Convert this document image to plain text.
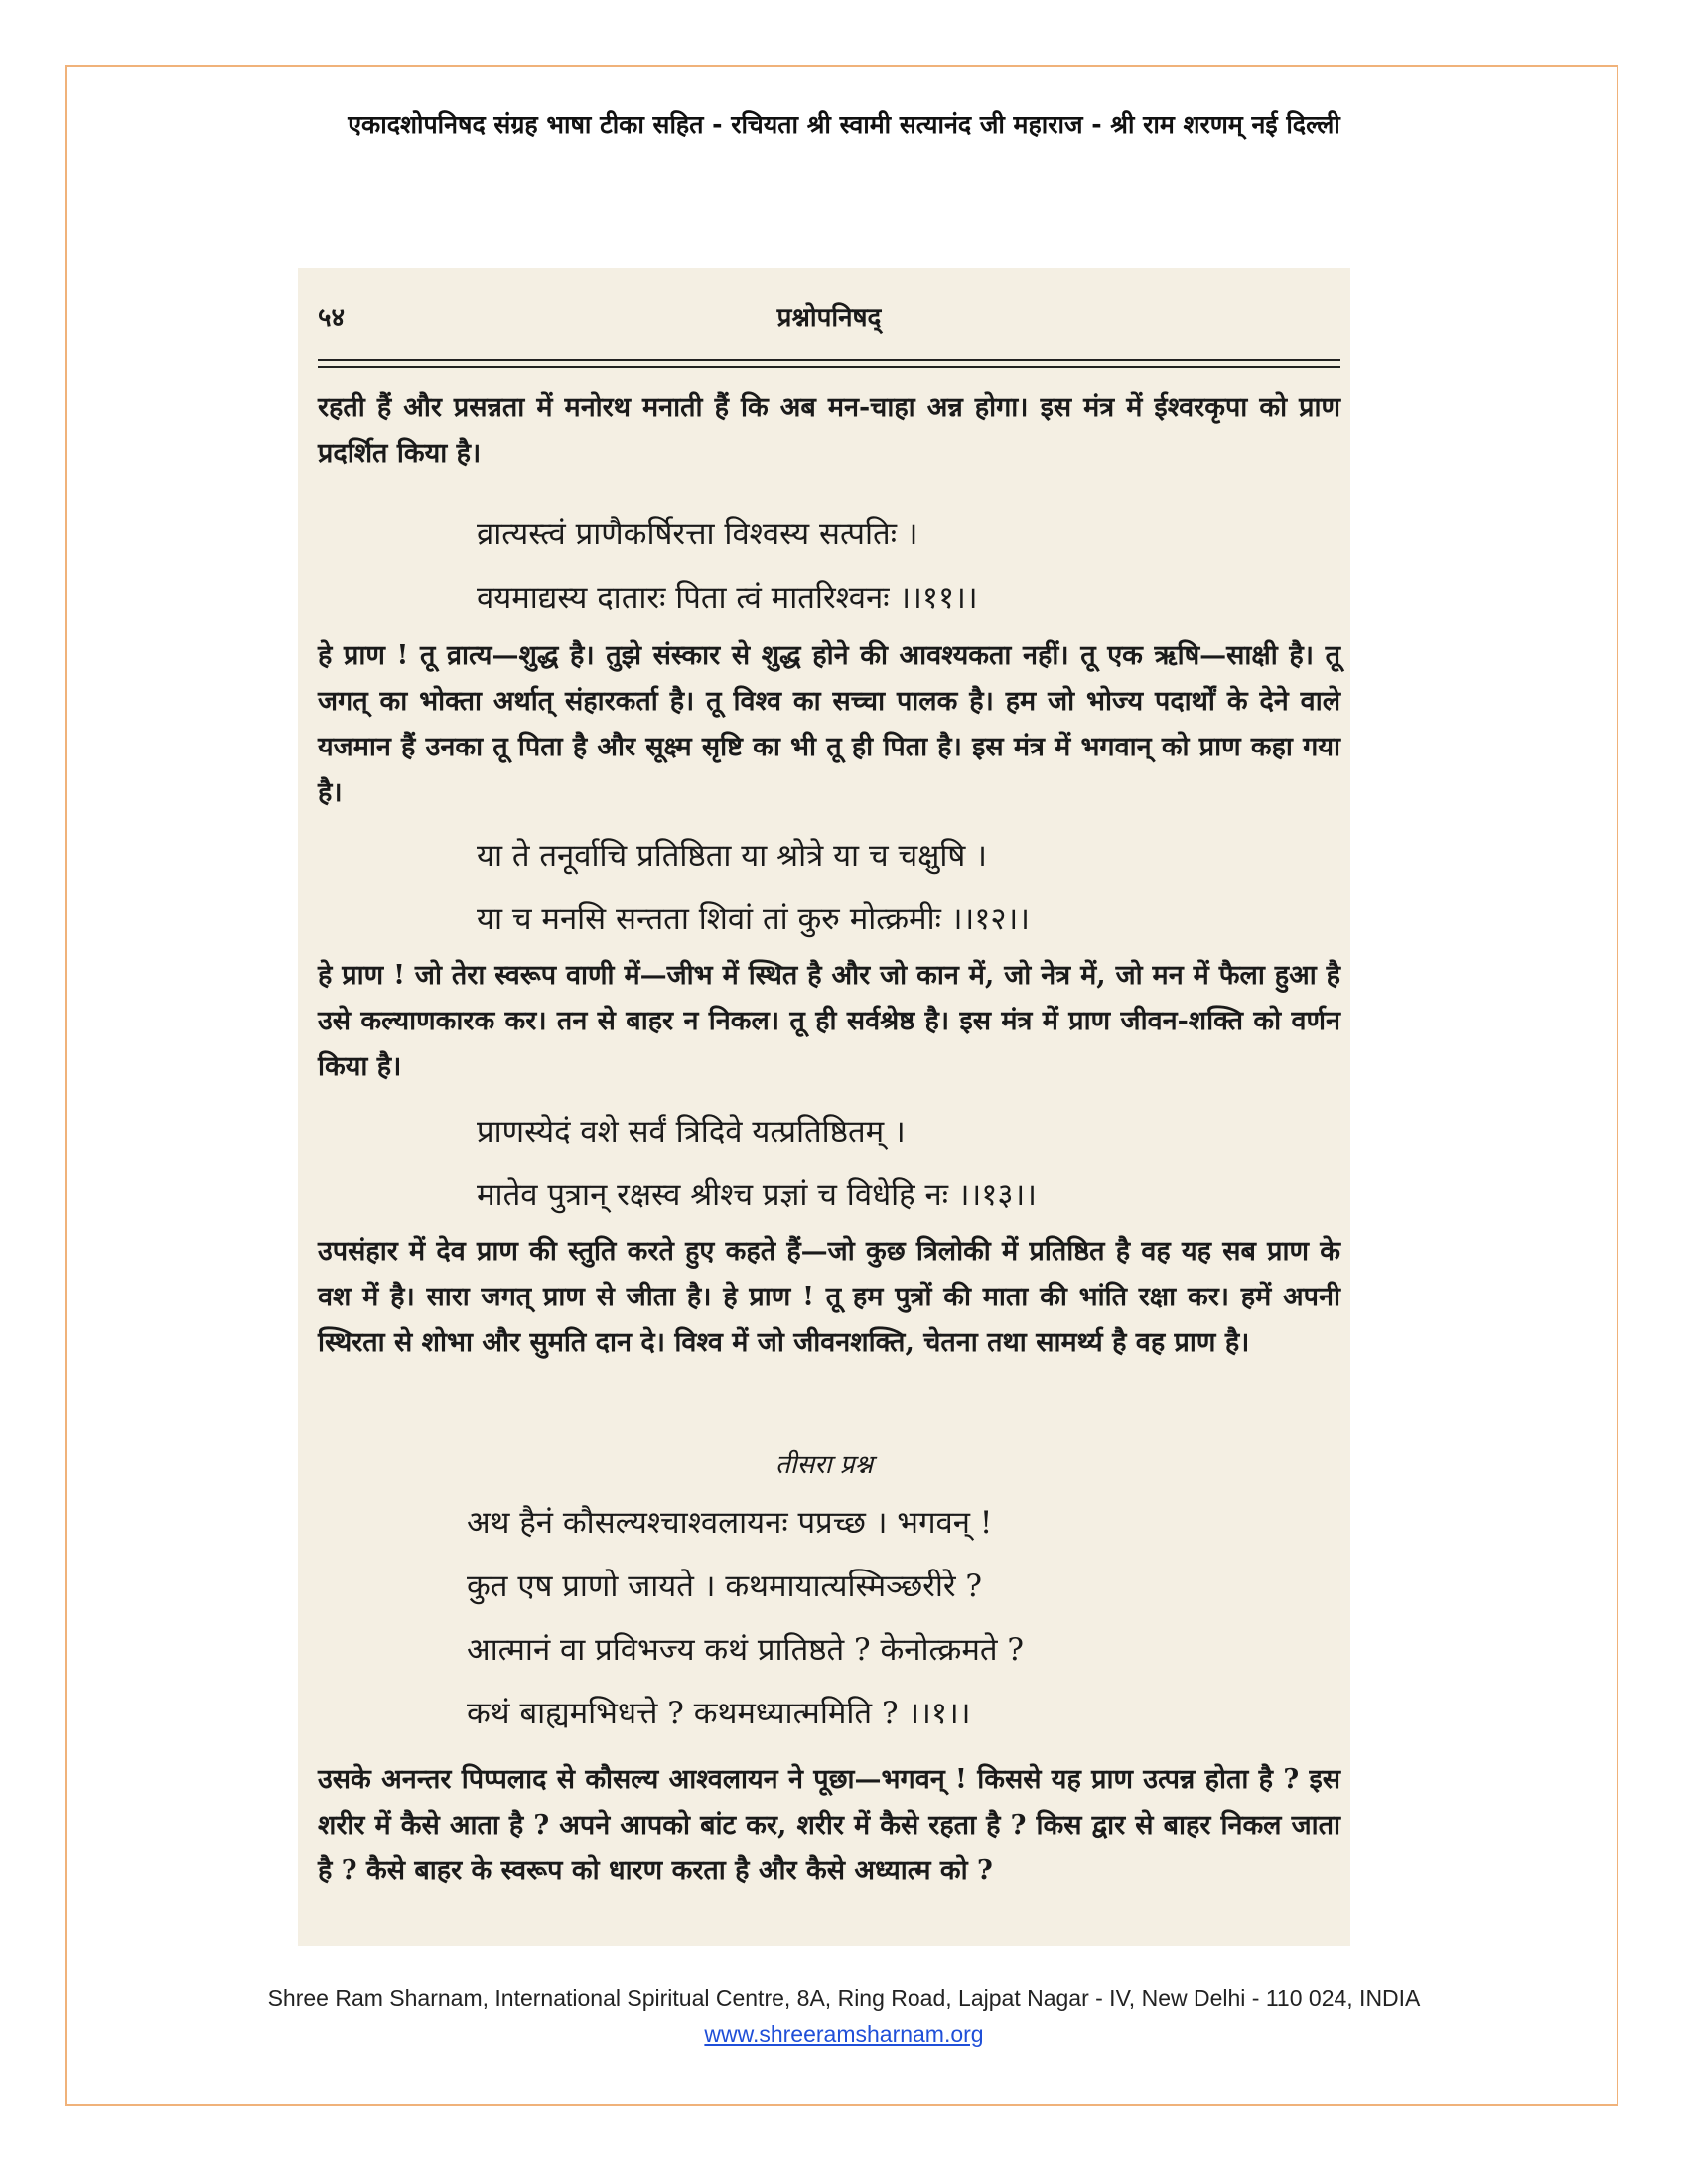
एकादशोपनिषद संग्रह भाषा टीका सहित - रचियता श्री स्वामी सत्यानंद जी महाराज - श्री राम शरणम् नई दिल्ली
५४	प्रश्नोपनिषद्
रहती हैं और प्रसन्नता में मनोरथ मनाती हैं कि अब मन-चाहा अन्न होगा। इस मंत्र में ईश्वरकृपा को प्राण प्रदर्शित किया है।
व्रात्यस्त्वं प्राणैकर्षिरत्ता विश्वस्य सत्पतिः ।
वयमाद्यस्य दातारः पिता त्वं मातरिश्वनः ।।११।।
हे प्राण ! तू व्रात्य—शुद्ध है। तुझे संस्कार से शुद्ध होने की आवश्यकता नहीं। तू एक ऋषि—साक्षी है। तू जगत् का भोक्ता अर्थात् संहारकर्ता है। तू विश्व का सच्चा पालक है। हम जो भोज्य पदार्थों के देने वाले यजमान हैं उनका तू पिता है और सूक्ष्म सृष्टि का भी तू ही पिता है। इस मंत्र में भगवान् को प्राण कहा गया है।
या ते तनूर्वाचि प्रतिष्ठिता या श्रोत्रे या च चक्षुषि ।
या च मनसि सन्तता शिवां तां कुरु मोत्क्रमीः ।।१२।।
हे प्राण ! जो तेरा स्वरूप वाणी में—जीभ में स्थित है और जो कान में, जो नेत्र में, जो मन में फैला हुआ है उसे कल्याणकारक कर। तन से बाहर न निकल। तू ही सर्वश्रेष्ठ है। इस मंत्र में प्राण जीवन-शक्ति को वर्णन किया है।
प्राणस्येदं वशे सर्वं त्रिदिवे यत्प्रतिष्ठितम् ।
मातेव पुत्रान् रक्षस्व श्रीश्च प्रज्ञां च विधेहि नः ।।१३।।
उपसंहार में देव प्राण की स्तुति करते हुए कहते हैं—जो कुछ त्रिलोकी में प्रतिष्ठित है वह यह सब प्राण के वश में है। सारा जगत् प्राण से जीता है। हे प्राण ! तू हम पुत्रों की माता की भांति रक्षा कर। हमें अपनी स्थिरता से शोभा और सुमति दान दे। विश्व में जो जीवनशक्ति, चेतना तथा सामर्थ्य है वह प्राण है।
तीसरा प्रश्न
अथ हैनं कौसल्यश्चाश्वलायनः पप्रच्छ । भगवन् !
कुत एष प्राणो जायते । कथमायात्यस्मिञ्छरीरे ?
आत्मानं वा प्रविभज्य कथं प्रातिष्ठते ? केनोत्क्रमते ?
कथं बाह्यमभिधत्ते ? कथमध्यात्ममिति ? ।।१।।
उसके अनन्तर पिप्पलाद से कौसल्य आश्वलायन ने पूछा—भगवन् ! किससे यह प्राण उत्पन्न होता है ? इस शरीर में कैसे आता है ? अपने आपको बांट कर, शरीर में कैसे रहता है ? किस द्वार से बाहर निकल जाता है ? कैसे बाहर के स्वरूप को धारण करता है और कैसे अध्यात्म को ?
Shree Ram Sharnam, International Spiritual Centre, 8A, Ring Road, Lajpat Nagar - IV, New Delhi - 110 024, INDIA
www.shreeramsharnam.org
